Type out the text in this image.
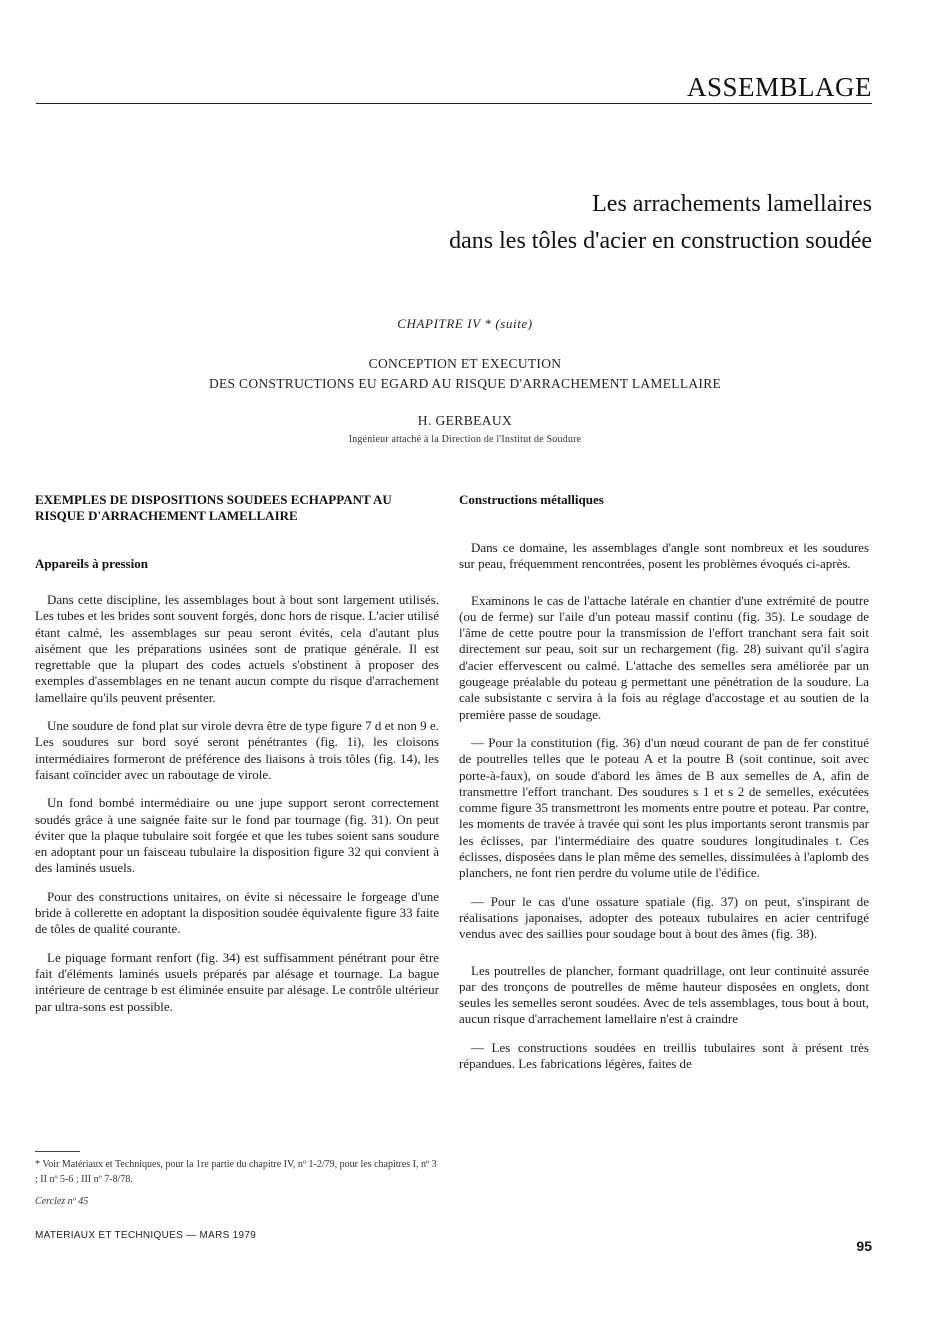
ASSEMBLAGE
Les arrachements lamellaires
dans les tôles d'acier en construction soudée
CHAPITRE IV * (suite)
CONCEPTION ET EXECUTION
DES CONSTRUCTIONS EU EGARD AU RISQUE D'ARRACHEMENT LAMELLAIRE
H. GERBEAUX
Ingénieur attaché à la Direction de l'Institut de Soudure
EXEMPLES DE DISPOSITIONS SOUDEES ECHAPPANT AU RISQUE D'ARRACHEMENT LAMELLAIRE
Appareils à pression

Dans cette discipline, les assemblages bout à bout sont largement utilisés. Les tubes et les brides sont souvent forgés, donc hors de risque. L'acier utilisé étant calmé, les assemblages sur peau seront évités, cela d'autant plus aisément que les préparations usinées sont de pratique générale. Il est regrettable que la plupart des codes actuels s'obstinent à proposer des exemples d'assemblages en ne tenant aucun compte du risque d'arrachement lamellaire qu'ils peuvent présenter.

Une soudure de fond plat sur virole devra être de type figure 7 d et non 9 e. Les soudures sur bord soyé seront pénétrantes (fig. 1i), les cloisons intermédiaires formeront de préférence des liaisons à trois tôles (fig. 14), les faisant coïncider avec un raboutage de virole.

Un fond bombé intermédiaire ou une jupe support seront correctement soudés grâce à une saignée faite sur le fond par tournage (fig. 31). On peut éviter que la plaque tubulaire soit forgée et que les tubes soient sans soudure en adoptant pour un faisceau tubulaire la disposition figure 32 qui convient à des laminés usuels.

Pour des constructions unitaires, on évite si nécessaire le forgeage d'une bride à collerette en adoptant la disposition soudée équivalente figure 33 faite de tôles de qualité courante.

Le piquage formant renfort (fig. 34) est suffisamment pénétrant pour être fait d'éléments laminés usuels préparés par alésage et tournage. La bague intérieure de centrage b est éliminée ensuite par alésage. Le contrôle ultérieur par ultra-sons est possible.

Constructions métalliques

Dans ce domaine, les assemblages d'angle sont nombreux et les soudures sur peau, fréquemment rencontrées, posent les problèmes évoqués ci-après.

Examinons le cas de l'attache latérale en chantier d'une extrémité de poutre (ou de ferme) sur l'aile d'un poteau massif continu (fig. 35). Le soudage de l'âme de cette poutre pour la transmission de l'effort tranchant sera fait soit directement sur peau, soit sur un rechargement (fig. 28) suivant qu'il s'agira d'acier effervescent ou calmé. L'attache des semelles sera améliorée par un gougeage préalable du poteau g permettant une pénétration de la soudure. La cale subsistante c servira à la fois au réglage d'accostage et au soutien de la première passe de soudage.

— Pour la constitution (fig. 36) d'un nœud courant de pan de fer constitué de poutrelles telles que le poteau A et la poutre B (soit continue, soit avec porte-à-faux), on soude d'abord les âmes de B aux semelles de A, afin de transmettre l'effort tranchant. Des soudures s 1 et s 2 de semelles, exécutées comme figure 35 transmettront les moments entre poutre et poteau. Par contre, les moments de travée à travée qui sont les plus importants seront transmis par les éclisses, par l'intermédiaire des quatre soudures longitudinales t. Ces éclisses, disposées dans le plan même des semelles, dissimulées à l'aplomb des planchers, ne font rien perdre du volume utile de l'édifice.

— Pour le cas d'une ossature spatiale (fig. 37) on peut, s'inspirant de réalisations japonaises, adopter des poteaux tubulaires en acier centrifugé vendus avec des saillies pour soudage bout à bout des âmes (fig. 38).

Les poutrelles de plancher, formant quadrillage, ont leur continuité assurée par des tronçons de poutrelles de même hauteur disposées en onglets, dont seules les semelles seront soudées. Avec de tels assemblages, tous bout à bout, aucun risque d'arrachement lamellaire n'est à craindre

— Les constructions soudées en treillis tubulaires sont à présent très répandues. Les fabrications légères, faites de

* Voir Matériaux et Techniques, pour la 1re partie du chapitre IV, nº 1-2/79, pour les chapitres I, nº 3 ; II nº 5-6 ; III nº 7-8/78.
Cerclez nº 45
MATERIAUX ET TECHNIQUES — MARS 1979
95
